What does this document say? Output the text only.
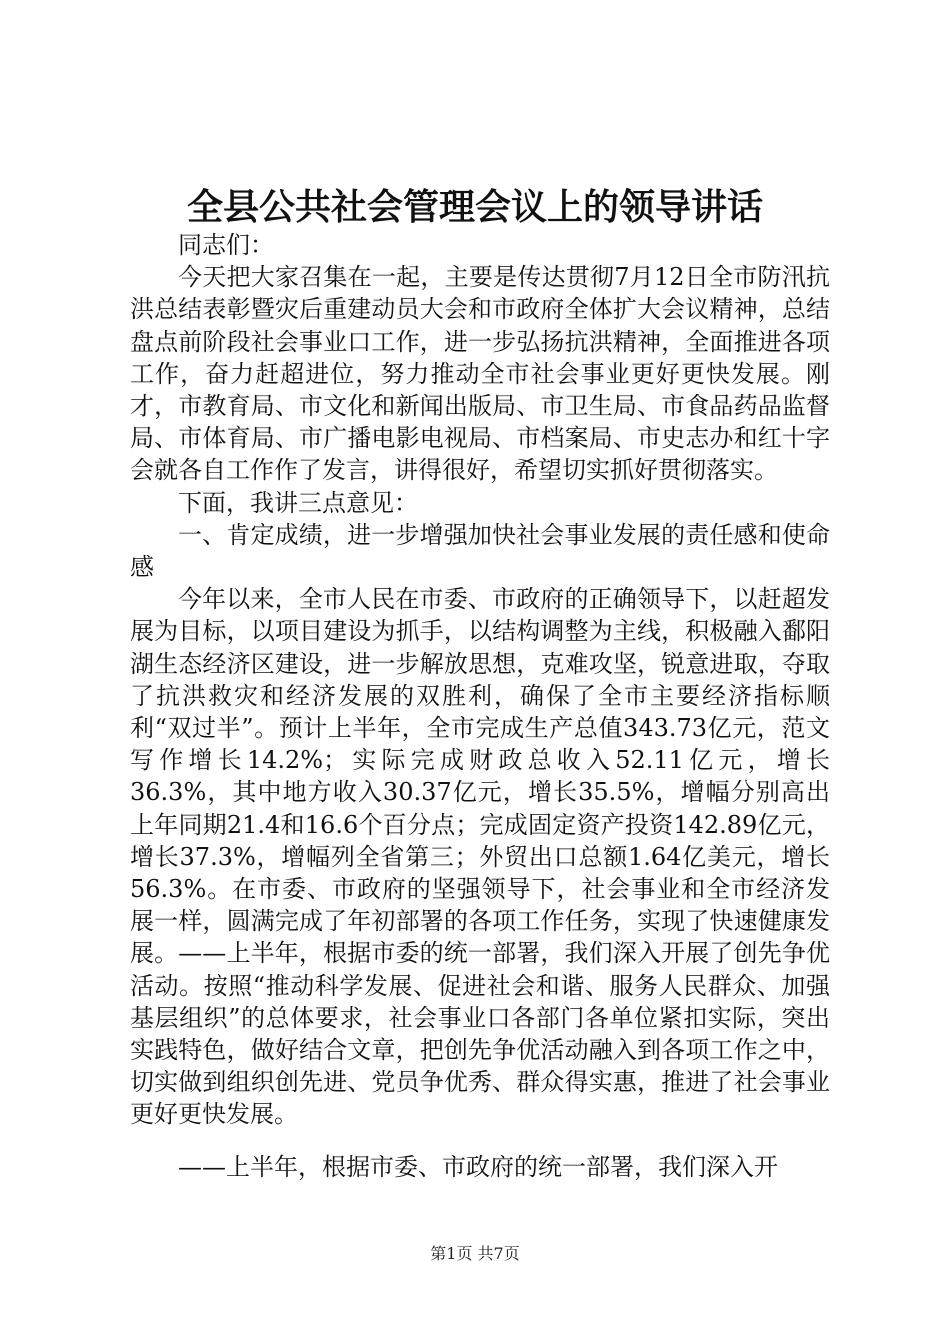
全县公共社会管理会议上的领导讲话

同志们：

今天把大家召集在一起，主要是传达贯彻7月12日全市防汛抗洪总结表彰暨灾后重建动员大会和市政府全体扩大会议精神，总结盘点前阶段社会事业口工作，进一步弘扬抗洪精神，全面推进各项工作，奋力赶超进位，努力推动全市社会事业更好更快发展。刚才，市教育局、市文化和新闻出版局、市卫生局、市食品药品监督局、市体育局、市广播电影电视局、市档案局、市史志办和红十字会就各自工作作了发言，讲得很好，希望切实抓好贯彻落实。

下面，我讲三点意见：

一、肯定成绩，进一步增强加快社会事业发展的责任感和使命感

今年以来，全市人民在市委、市政府的正确领导下，以赶超发展为目标，以项目建设为抓手，以结构调整为主线，积极融入鄱阳湖生态经济区建设，进一步解放思想，克难攻坚，锐意进取，夺取了抗洪救灾和经济发展的双胜利，确保了全市主要经济指标顺利“双过半”。预计上半年，全市完成生产总值343.73亿元，范文写作增长14.2%；实际完成财政总收入52.11亿元，增长36.3%，其中地方收入30.37亿元，增长35.5%，增幅分别高出上年同期21.4和16.6个百分点；完成固定资产投资142.89亿元，增长37.3%，增幅列全省第三；外贸出口总额1.64亿美元，增长56.3%。在市委、市政府的坚强领导下，社会事业和全市经济发展一样，圆满完成了年初部署的各项工作任务，实现了快速健康发展。——上半年，根据市委的统一部署，我们深入开展了创先争优活动。按照“推动科学发展、促进社会和谐、服务人民群众、加强基层组织”的总体要求，社会事业口各部门各单位紧扣实际，突出实践特色，做好结合文章，把创先争优活动融入到各项工作之中，切实做到组织创先进、党员争优秀、群众得实惠，推进了社会事业更好更快发展。

——上半年，根据市委、市政府的统一部署，我们深入开

第1页 共7页
